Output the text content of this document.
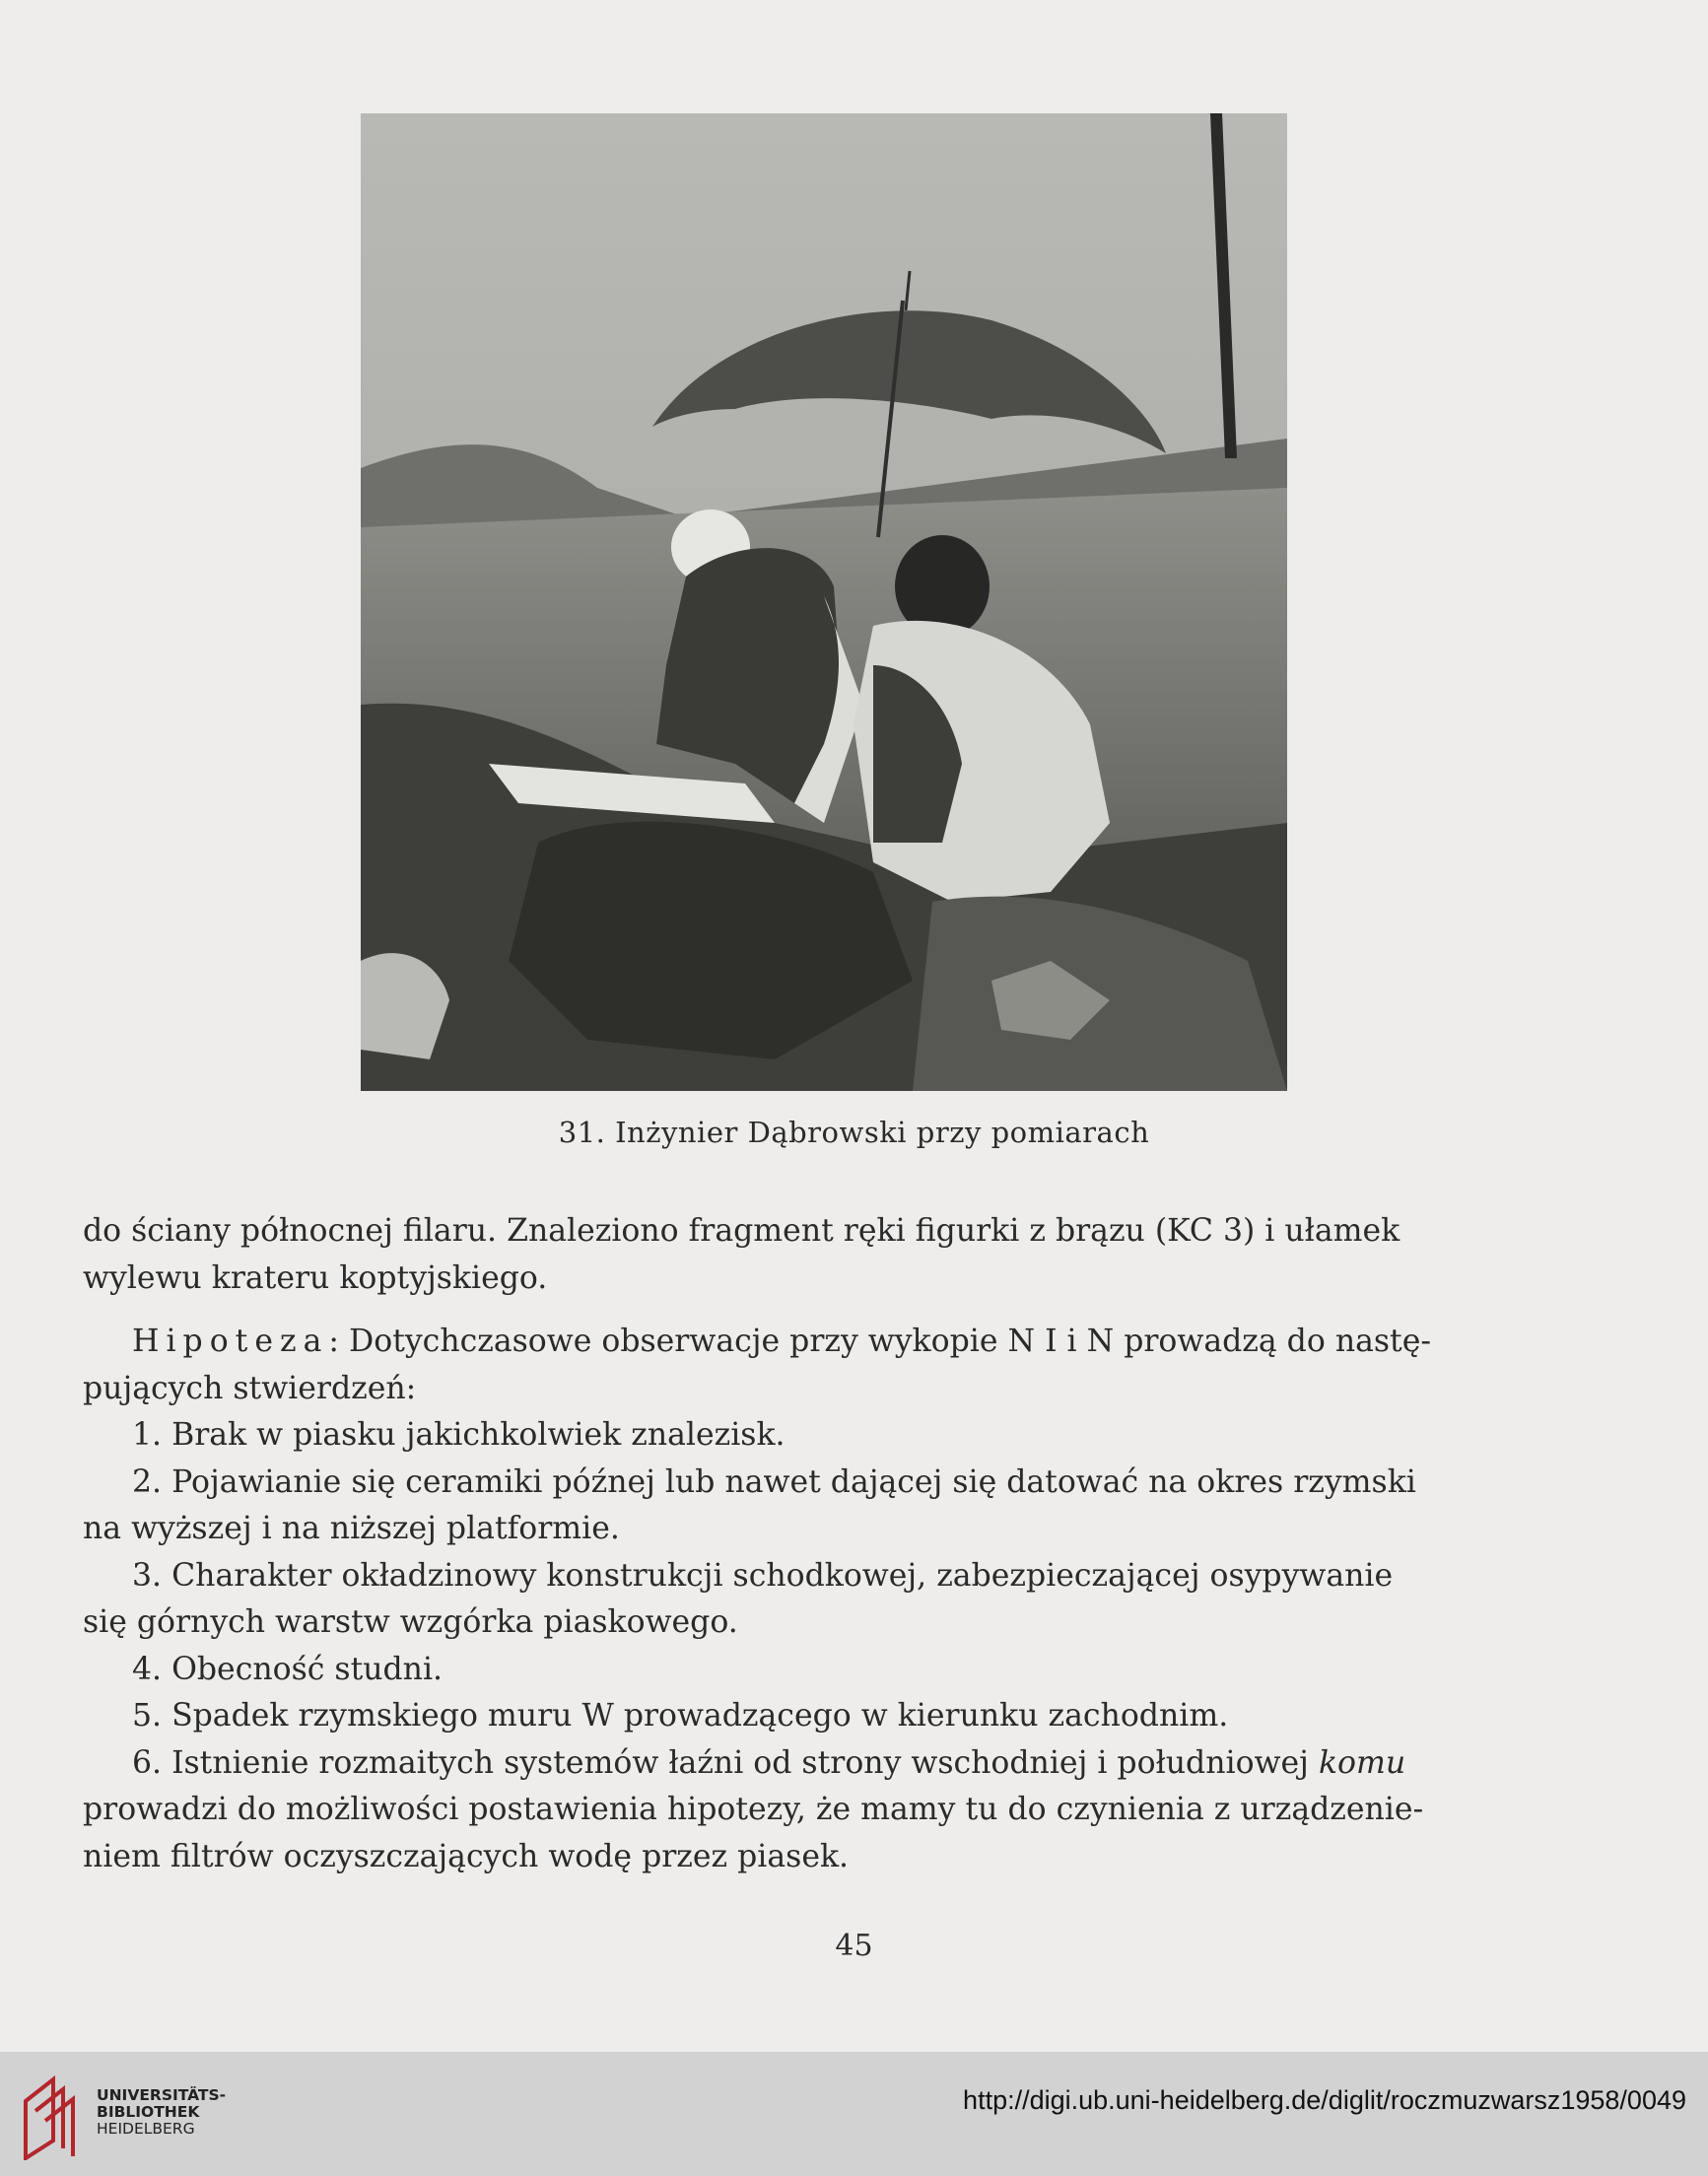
31. Inżynier Dąbrowski przy pomiarach

do ściany północnej filaru. Znaleziono fragment ręki figurki z brązu (KC 3) i ułamek

wylewu krateru koptyjskiego.

Hipoteza: Dotychczasowe obserwacje przy wykopie N I i N prowadzą do nastę-

pujących stwierdzeń:

1. Brak w piasku jakichkolwiek znalezisk.

2. Pojawianie się ceramiki późnej lub nawet dającej się datować na okres rzymski

na wyższej i na niższej platformie.

3. Charakter okładzinowy konstrukcji schodkowej, zabezpieczającej osypywanie

się górnych warstw wzgórka piaskowego.

4. Obecność studni.

5. Spadek rzymskiego muru W prowadzącego w kierunku zachodnim.

6. Istnienie rozmaitych systemów łaźni od strony wschodniej i południowej komu

prowadzi do możliwości postawienia hipotezy, że mamy tu do czynienia z urządzenie-

niem filtrów oczyszczających wodę przez piasek.

45
UNIVERSITÄTS-
BIBLIOTHEK
HEIDELBERG
http://digi.ub.uni-heidelberg.de/diglit/roczmuzwarsz1958/0049
